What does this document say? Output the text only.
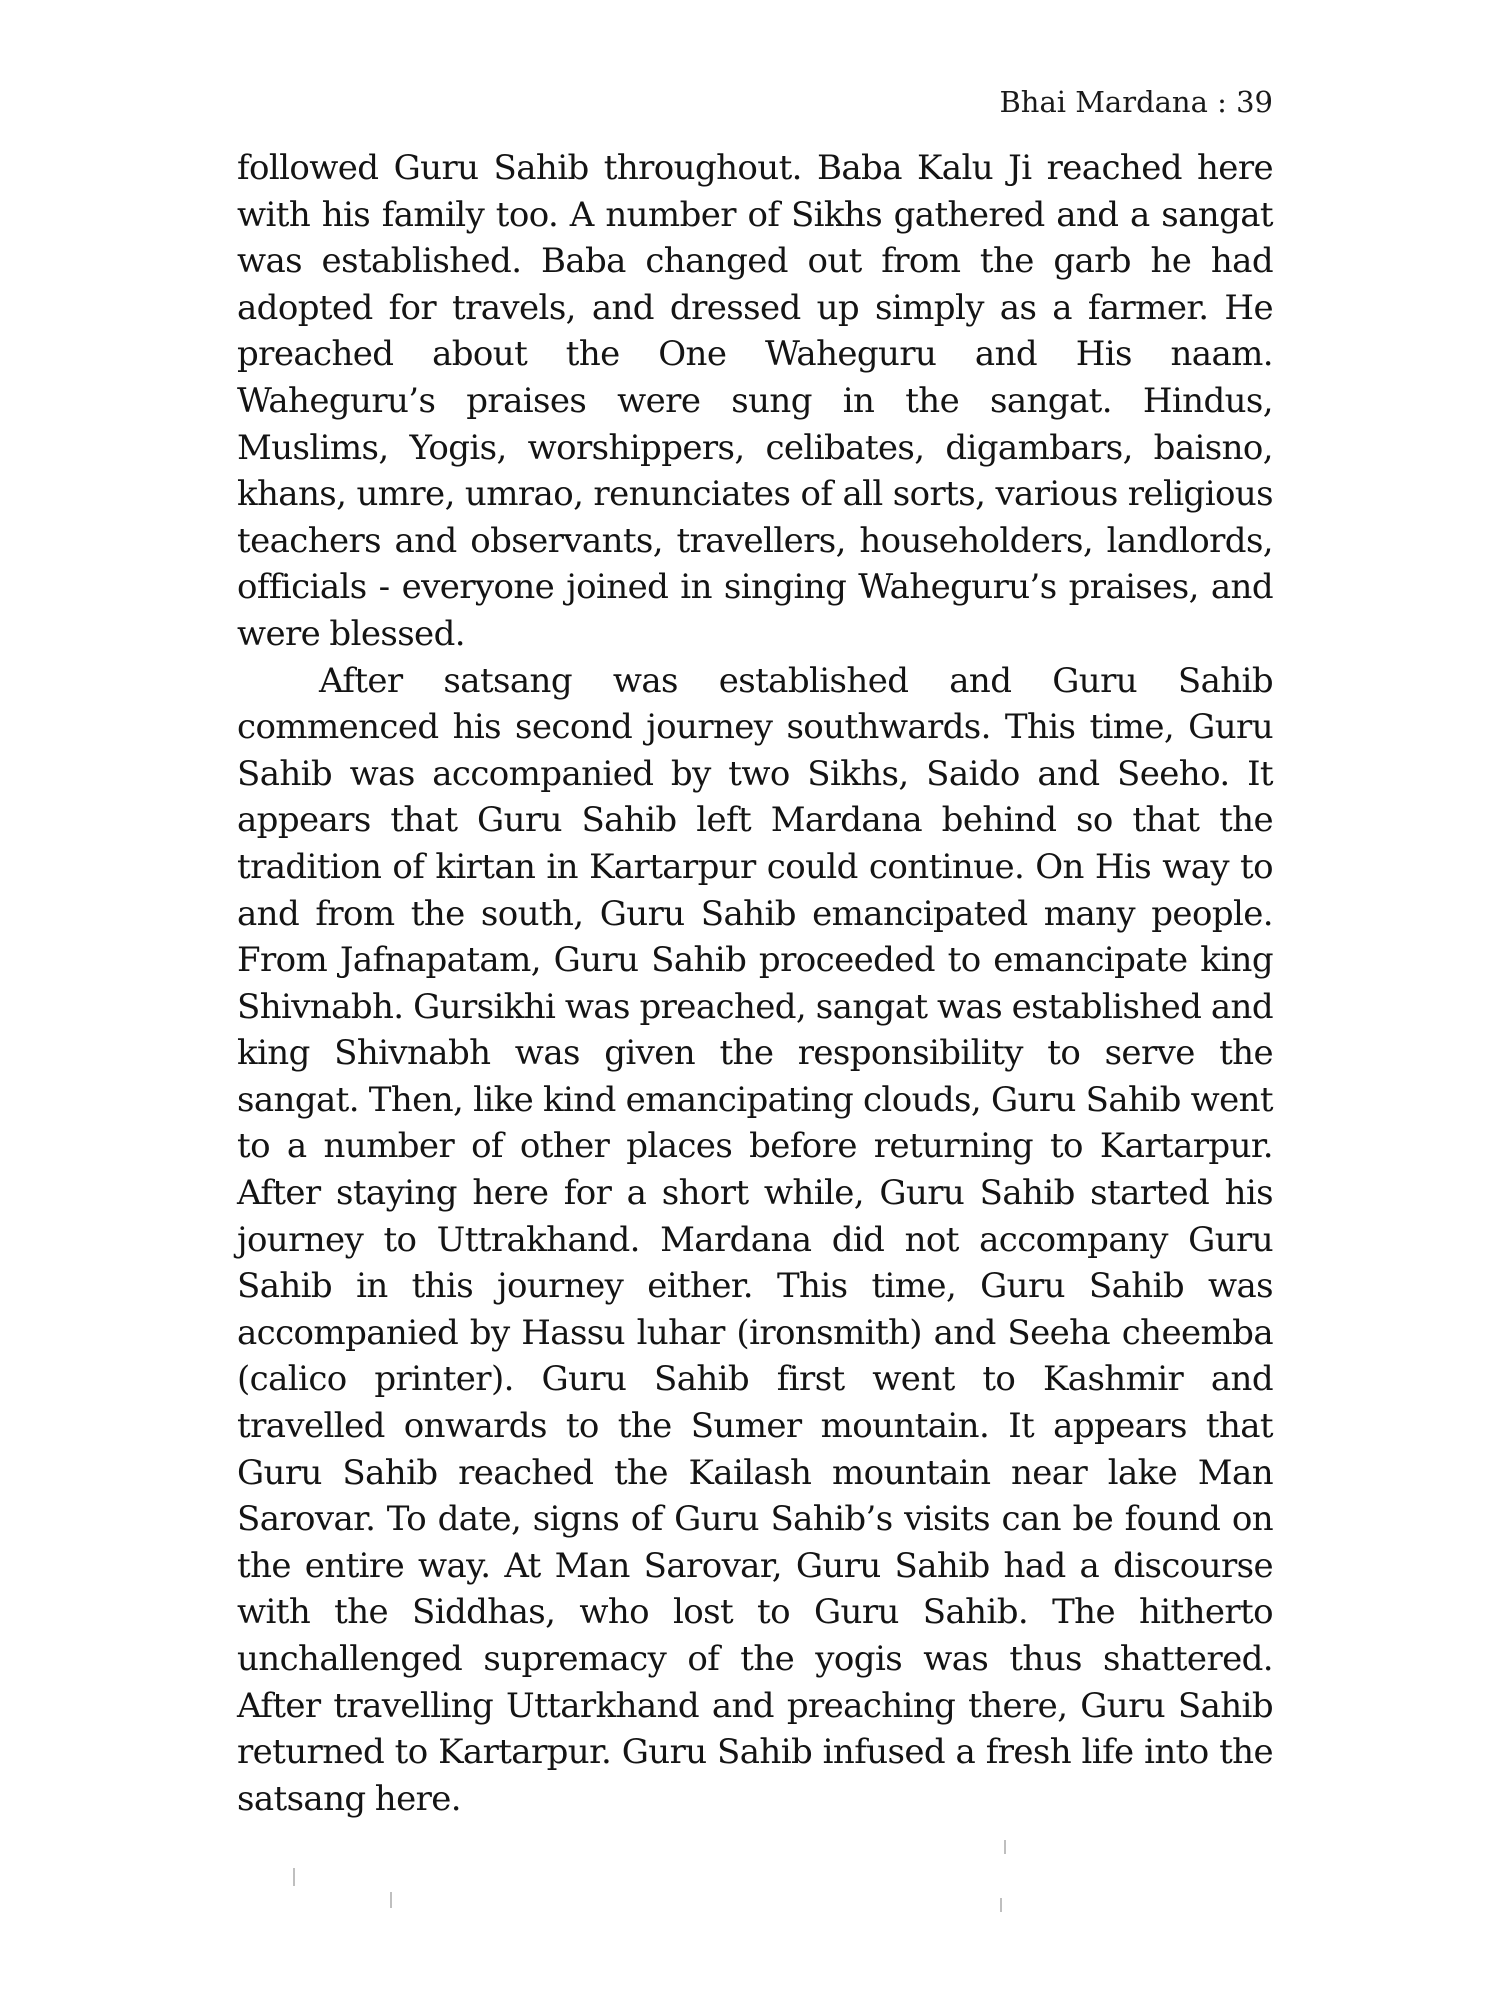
Bhai Mardana : 39

followed Guru Sahib throughout. Baba Kalu Ji reached here with his family too. A number of Sikhs gathered and a sangat was established. Baba changed out from the garb he had adopted for travels, and dressed up simply as a farmer. He preached about the One Waheguru and His naam. Waheguru’s praises were sung in the sangat. Hindus, Muslims, Yogis, worshippers, celibates, digambars, baisno, khans, umre, umrao, renunciates of all sorts, various religious teachers and observants, travellers, householders, landlords, officials - everyone joined in singing Waheguru’s praises, and were blessed.

After satsang was established and Guru Sahib commenced his second journey southwards. This time, Guru Sahib was accompanied by two Sikhs, Saido and Seeho. It appears that Guru Sahib left Mardana behind so that the tradition of kirtan in Kartarpur could continue. On His way to and from the south, Guru Sahib emancipated many people. From Jafnapatam, Guru Sahib proceeded to emancipate king Shivnabh. Gursikhi was preached, sangat was established and king Shivnabh was given the responsibility to serve the sangat. Then, like kind emancipating clouds, Guru Sahib went to a number of other places before returning to Kartarpur. After staying here for a short while, Guru Sahib started his journey to Uttrakhand. Mardana did not accompany Guru Sahib in this journey either. This time, Guru Sahib was accompanied by Hassu luhar (ironsmith) and Seeha cheemba (calico printer). Guru Sahib first went to Kashmir and travelled onwards to the Sumer mountain. It appears that Guru Sahib reached the Kailash mountain near lake Man Sarovar. To date, signs of Guru Sahib’s visits can be found on the entire way. At Man Sarovar, Guru Sahib had a discourse with the Siddhas, who lost to Guru Sahib. The hitherto unchallenged supremacy of the yogis was thus shattered. After travelling Uttarkhand and preaching there, Guru Sahib returned to Kartarpur. Guru Sahib infused a fresh life into the satsang here.
